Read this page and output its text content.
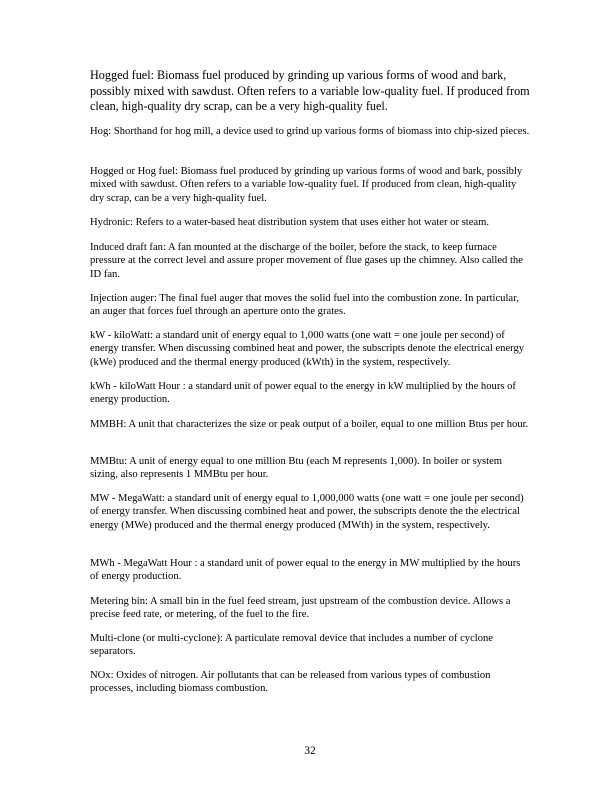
Hogged fuel: Biomass fuel produced by grinding up various forms of wood and bark, possibly mixed with sawdust. Often refers to a variable low-quality fuel. If produced from clean, high-quality dry scrap, can be a very high-quality fuel.

Hog: Shorthand for hog mill, a device used to grind up various forms of biomass into chip-sized pieces.

Hogged or Hog fuel: Biomass fuel produced by grinding up various forms of wood and bark, possibly mixed with sawdust. Often refers to a variable low-quality fuel. If produced from clean, high-quality dry scrap, can be a very high-quality fuel.

Hydronic: Refers to a water-based heat distribution system that uses either hot water or steam.

Induced draft fan: A fan mounted at the discharge of the boiler, before the stack, to keep furnace pressure at the correct level and assure proper movement of flue gases up the chimney. Also called the ID fan.

Injection auger: The final fuel auger that moves the solid fuel into the combustion zone. In particular, an auger that forces fuel through an aperture onto the grates.

kW - kiloWatt: a standard unit of energy equal to 1,000 watts (one watt = one joule per second) of energy transfer. When discussing combined heat and power, the subscripts denote the electrical energy (kWe) produced and the thermal energy produced (kWth) in the system, respectively.

kWh - kiloWatt Hour : a standard unit of power equal to the energy in kW multiplied by the hours of energy production.

MMBH: A unit that characterizes the size or peak output of a boiler, equal to one million Btus per hour.

MMBtu: A unit of energy equal to one million Btu (each M represents 1,000). In boiler or system sizing, also represents 1 MMBtu per hour.

MW - MegaWatt: a standard unit of energy equal to 1,000,000 watts (one watt = one joule per second) of energy transfer. When discussing combined heat and power, the subscripts denote the the electrical energy (MWe) produced and the thermal energy produced (MWth) in the system, respectively.

MWh - MegaWatt Hour : a standard unit of power equal to the energy in MW multiplied by the hours of energy production.

Metering bin: A small bin in the fuel feed stream, just upstream of the combustion device. Allows a precise feed rate, or metering, of the fuel to the fire.

Multi-clone (or multi-cyclone): A particulate removal device that includes a number of cyclone separators.

NOx: Oxides of nitrogen. Air pollutants that can be released from various types of combustion processes, including biomass combustion.

32
